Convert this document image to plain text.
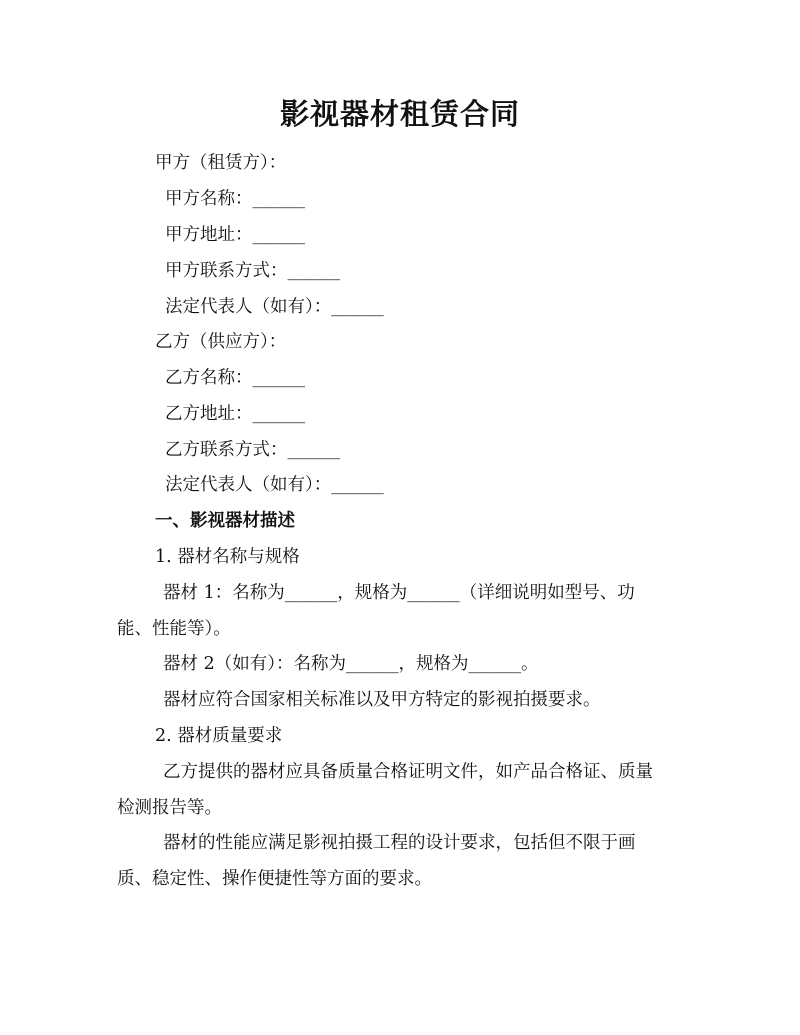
影视器材租赁合同
甲方（租赁方）：
甲方名称：______
甲方地址：______
甲方联系方式：______
法定代表人（如有）：______
乙方（供应方）：
乙方名称：______
乙方地址：______
乙方联系方式：______
法定代表人（如有）：______
一、影视器材描述
1. 器材名称与规格
器材 1：名称为______，规格为______（详细说明如型号、功
能、性能等）。
器材 2（如有）：名称为______，规格为______。
器材应符合国家相关标准以及甲方特定的影视拍摄要求。
2. 器材质量要求
乙方提供的器材应具备质量合格证明文件，如产品合格证、质量
检测报告等。
器材的性能应满足影视拍摄工程的设计要求，包括但不限于画
质、稳定性、操作便捷性等方面的要求。
